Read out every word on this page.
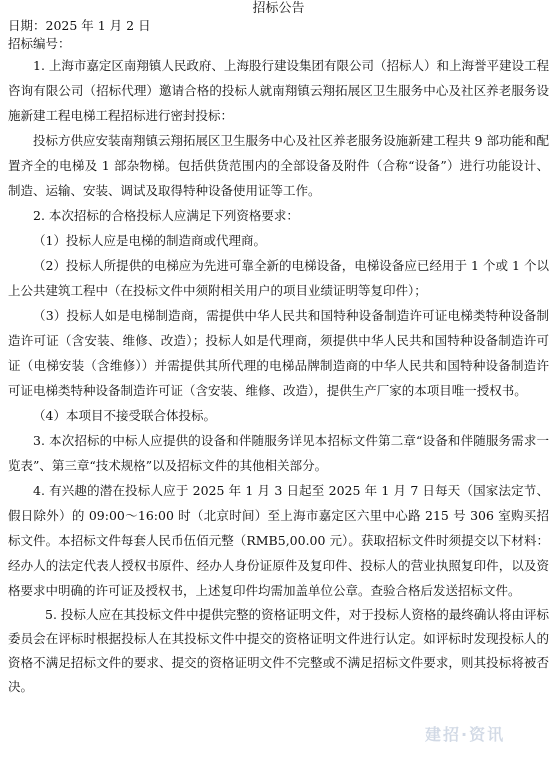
招标公告
日期：2025 年 1 月 2 日
招标编号：

1. 上海市嘉定区南翔镇人民政府、上海股行建设集团有限公司（招标人）和上海誉平建设工程咨询有限公司（招标代理）邀请合格的投标人就南翔镇云翔拓展区卫生服务中心及社区养老服务设施新建工程电梯工程招标进行密封投标：

投标方供应安装南翔镇云翔拓展区卫生服务中心及社区养老服务设施新建工程共 9 部功能和配置齐全的电梯及 1 部杂物梯。包括供货范围内的全部设备及附件（合称“设备”）进行功能设计、制造、运输、安装、调试及取得特种设备使用证等工作。

2. 本次招标的合格投标人应满足下列资格要求：

（1）投标人应是电梯的制造商或代理商。

（2）投标人所提供的电梯应为先进可靠全新的电梯设备，电梯设备应已经用于 1 个或 1 个以上公共建筑工程中（在投标文件中须附相关用户的项目业绩证明等复印件）；

（3）投标人如是电梯制造商，需提供中华人民共和国特种设备制造许可证电梯类特种设备制造许可证（含安装、维修、改造）；投标人如是代理商，须提供中华人民共和国特种设备制造许可证（电梯安装（含维修））并需提供其所代理的电梯品牌制造商的中华人民共和国特种设备制造许可证电梯类特种设备制造许可证（含安装、维修、改造），提供生产厂家的本项目唯一授权书。

（4）本项目不接受联合体投标。

3. 本次招标的中标人应提供的设备和伴随服务详见本招标文件第二章“设备和伴随服务需求一览表”、第三章“技术规格”以及招标文件的其他相关部分。

4. 有兴趣的潜在投标人应于 2025 年 1 月 3 日起至 2025 年 1 月 7 日每天（国家法定节、假日除外）的 09:00～16:00 时（北京时间）至上海市嘉定区六里中心路 215 号 306 室购买招标文件。本招标文件每套人民币伍佰元整（RMB5,00.00 元）。获取招标文件时须提交以下材料：经办人的法定代表人授权书原件、经办人身份证原件及复印件、投标人的营业执照复印件，以及资格要求中明确的许可证及授权书，上述复印件均需加盖单位公章。查验合格后发送招标文件。

5. 投标人应在其投标文件中提供完整的资格证明文件，对于投标人资格的最终确认将由评标委员会在评标时根据投标人在其投标文件中提交的资格证明文件进行认定。如评标时发现投标人的资格不满足招标文件的要求、提交的资格证明文件不完整或不满足招标文件要求，则其投标将被否决。

建招·资讯
